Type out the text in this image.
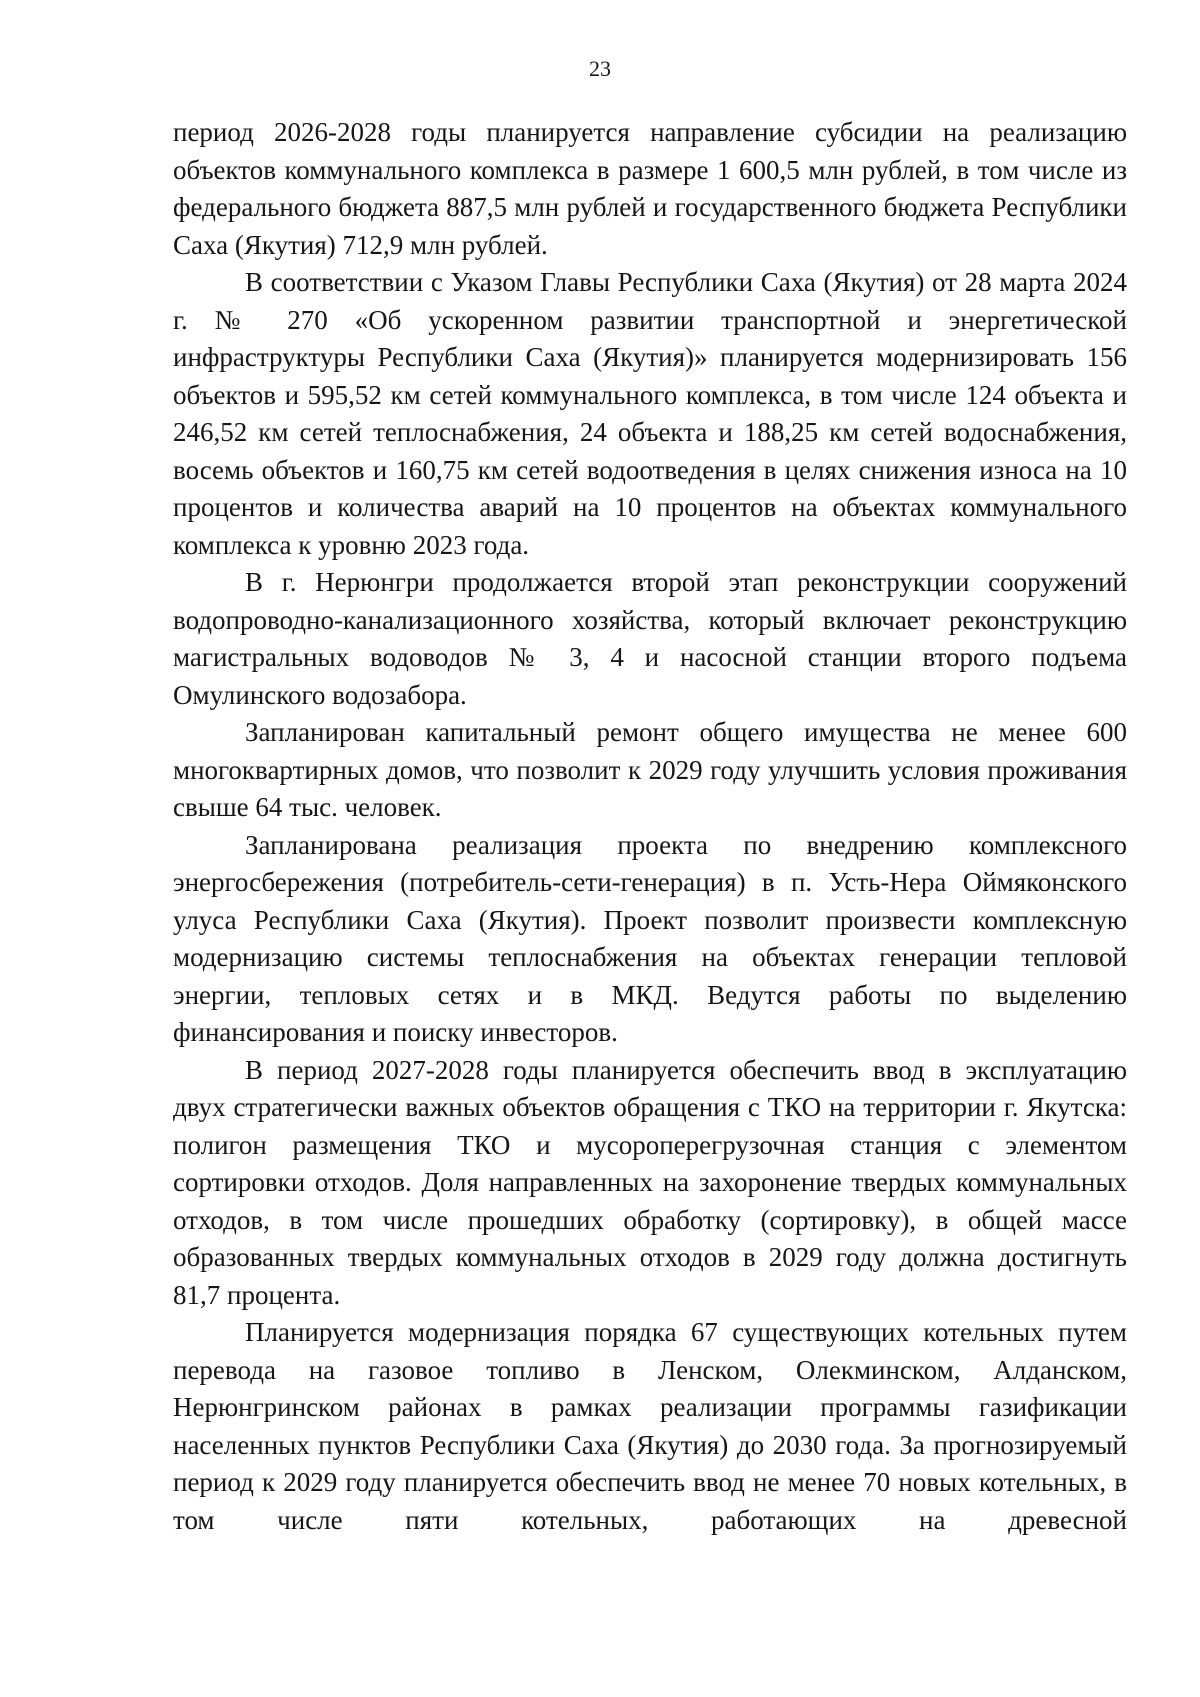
23

период 2026-2028 годы планируется направление субсидии на реализацию объектов коммунального комплекса в размере 1 600,5 млн рублей, в том числе из федерального бюджета 887,5 млн рублей и государственного бюджета Республики Саха (Якутия) 712,9 млн рублей.

В соответствии с Указом Главы Республики Саха (Якутия) от 28 марта 2024 г. № 270 «Об ускоренном развитии транспортной и энергетической инфраструктуры Республики Саха (Якутия)» планируется модернизировать 156 объектов и 595,52 км сетей коммунального комплекса, в том числе 124 объекта и 246,52 км сетей теплоснабжения, 24 объекта и 188,25 км сетей водоснабжения, восемь объектов и 160,75 км сетей водоотведения в целях снижения износа на 10 процентов и количества аварий на 10 процентов на объектах коммунального комплекса к уровню 2023 года.

В г. Нерюнгри продолжается второй этап реконструкции сооружений водопроводно-канализационного хозяйства, который включает реконструкцию магистральных водоводов № 3, 4 и насосной станции второго подъема Омулинского водозабора.

Запланирован капитальный ремонт общего имущества не менее 600 многоквартирных домов, что позволит к 2029 году улучшить условия проживания свыше 64 тыс. человек.

Запланирована реализация проекта по внедрению комплексного энергосбережения (потребитель-сети-генерация) в п. Усть-Нера Оймяконского улуса Республики Саха (Якутия). Проект позволит произвести комплексную модернизацию системы теплоснабжения на объектах генерации тепловой энергии, тепловых сетях и в МКД. Ведутся работы по выделению финансирования и поиску инвесторов.

В период 2027-2028 годы планируется обеспечить ввод в эксплуатацию двух стратегически важных объектов обращения с ТКО на территории г. Якутска: полигон размещения ТКО и мусороперегрузочная станция с элементом сортировки отходов. Доля направленных на захоронение твердых коммунальных отходов, в том числе прошедших обработку (сортировку), в общей массе образованных твердых коммунальных отходов в 2029 году должна достигнуть 81,7 процента.

Планируется модернизация порядка 67 существующих котельных путем перевода на газовое топливо в Ленском, Олекминском, Алданском, Нерюнгринском районах в рамках реализации программы газификации населенных пунктов Республики Саха (Якутия) до 2030 года. За прогнозируемый период к 2029 году планируется обеспечить ввод не менее 70 новых котельных, в том числе пяти котельных, работающих на древесной
